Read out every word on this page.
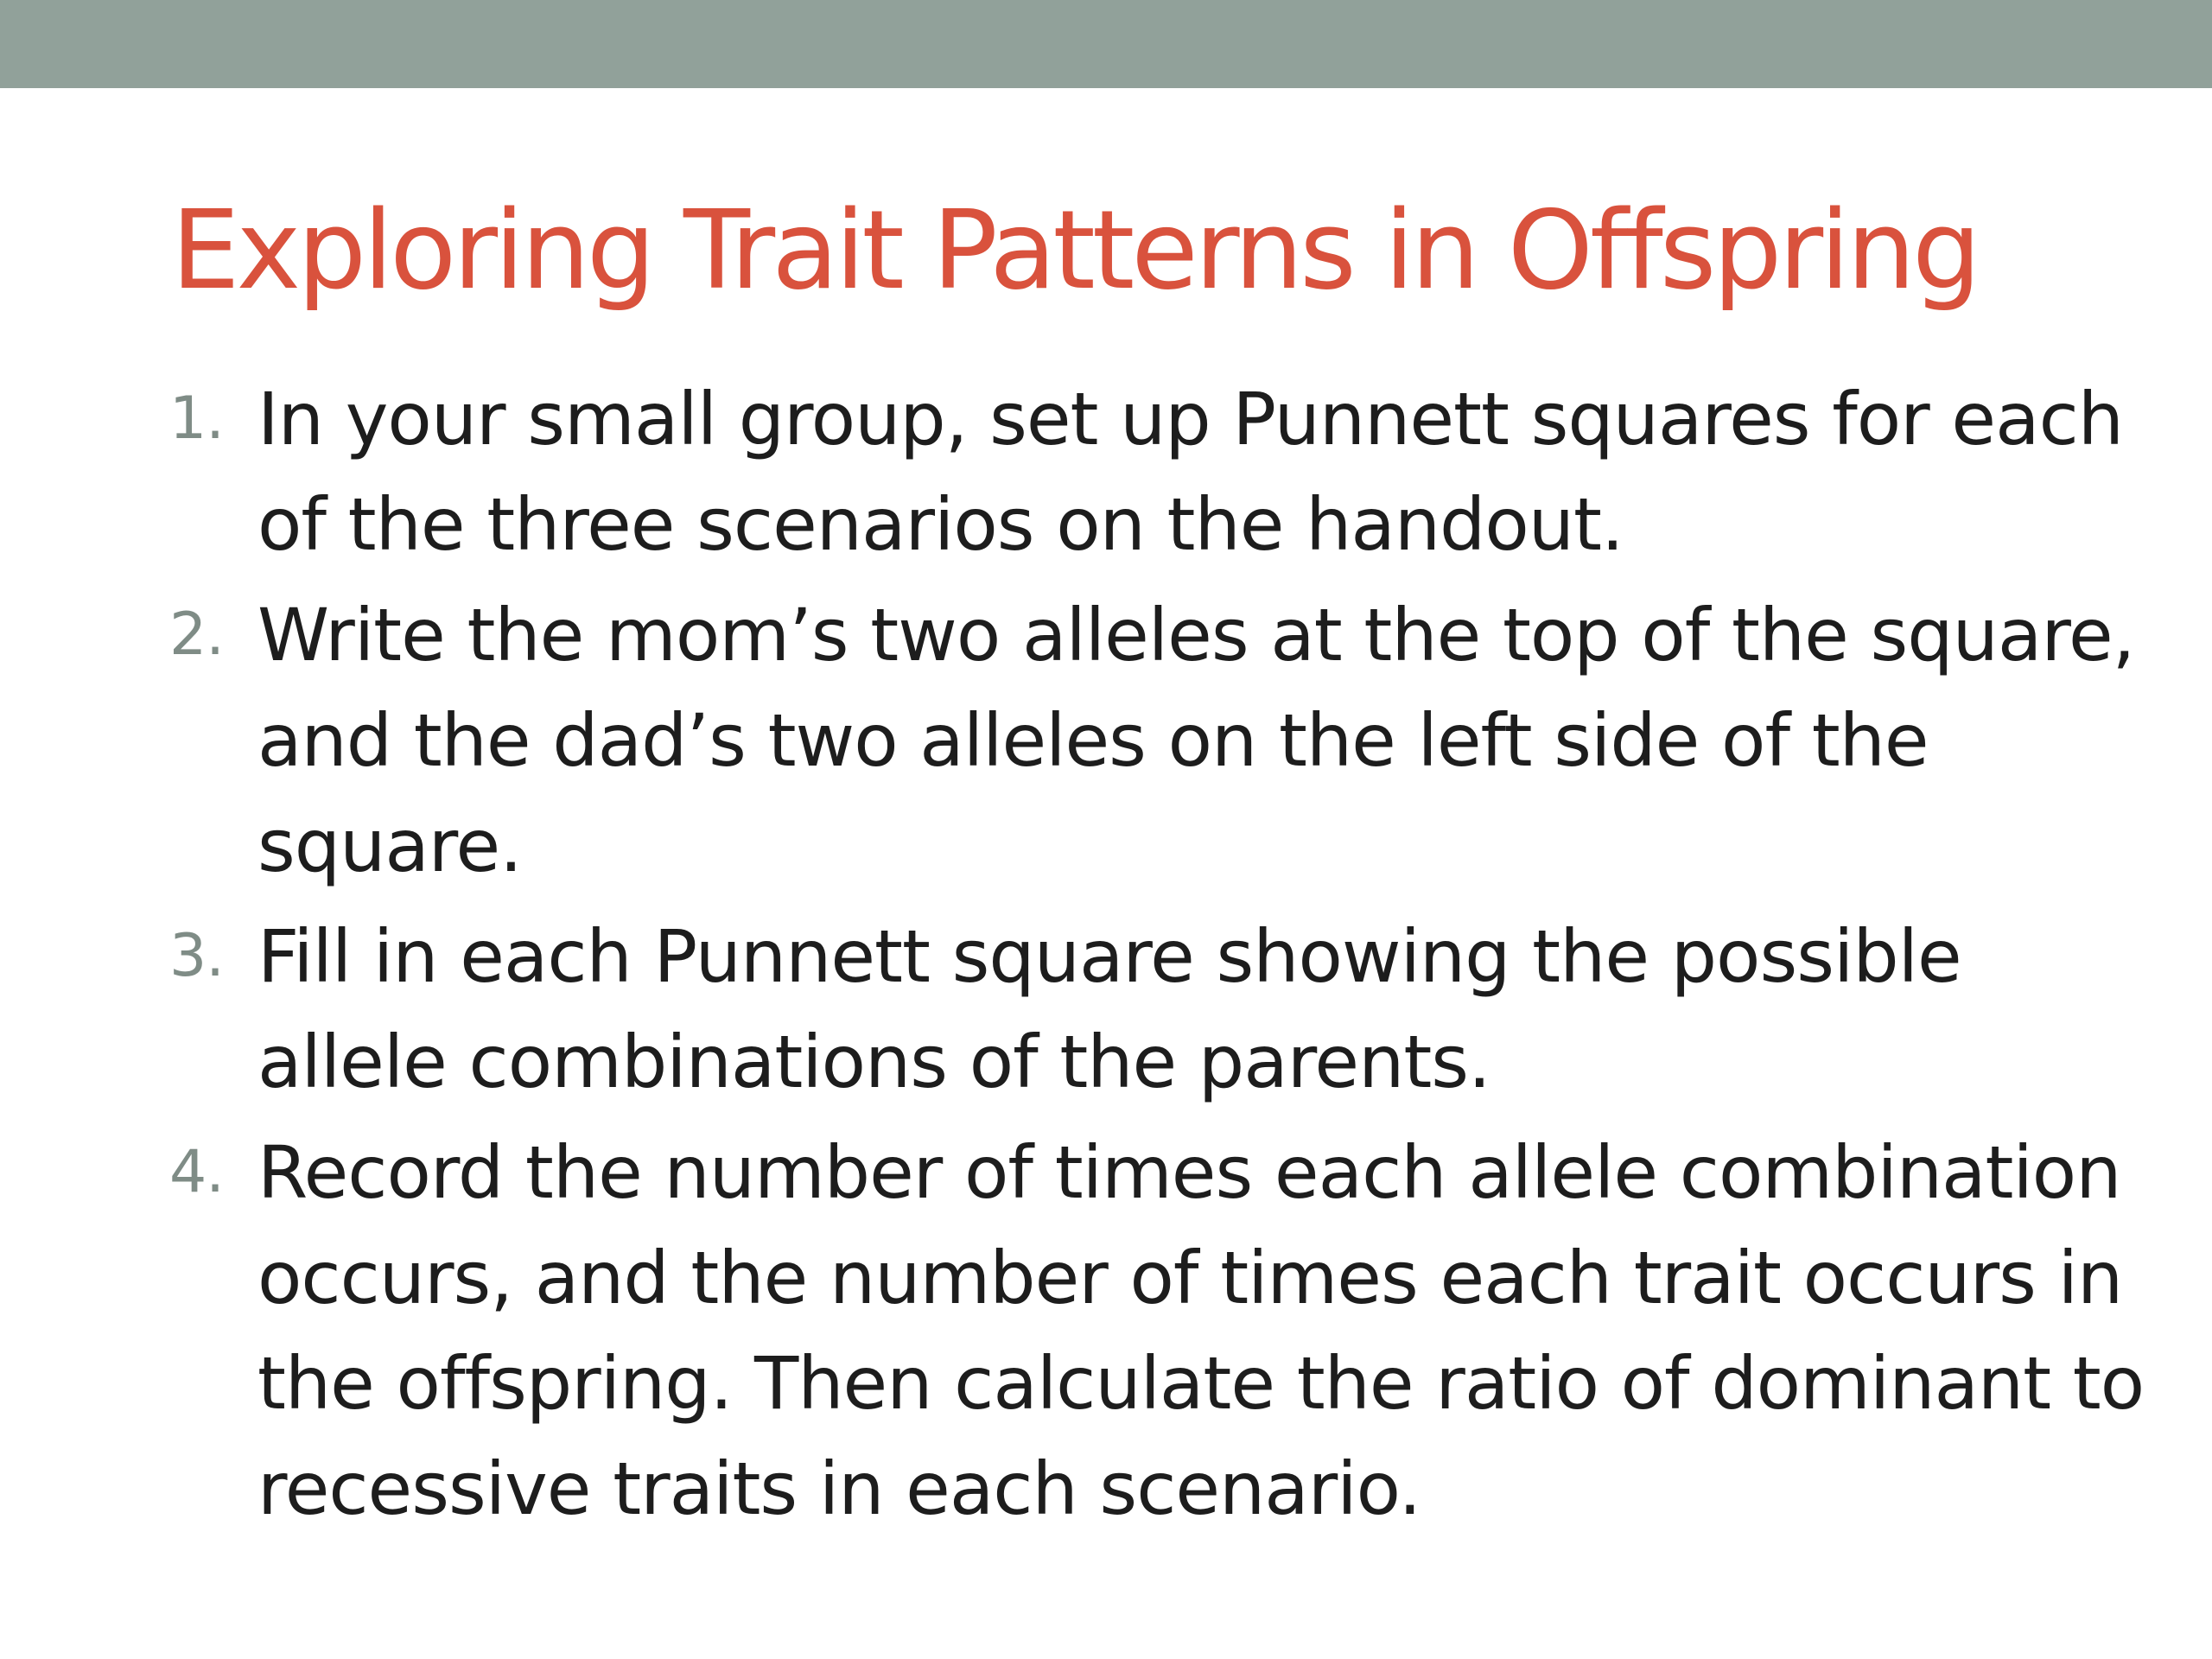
Exploring Trait Patterns in Offspring
1. In your small group, set up Punnett squares for each of the three scenarios on the handout.
2. Write the mom’s two alleles at the top of the square, and the dad’s two alleles on the left side of the square.
3. Fill in each Punnett square showing the possible allele combinations of the parents.
4. Record the number of times each allele combination occurs, and the number of times each trait occurs in the offspring. Then calculate the ratio of dominant to recessive traits in each scenario.
